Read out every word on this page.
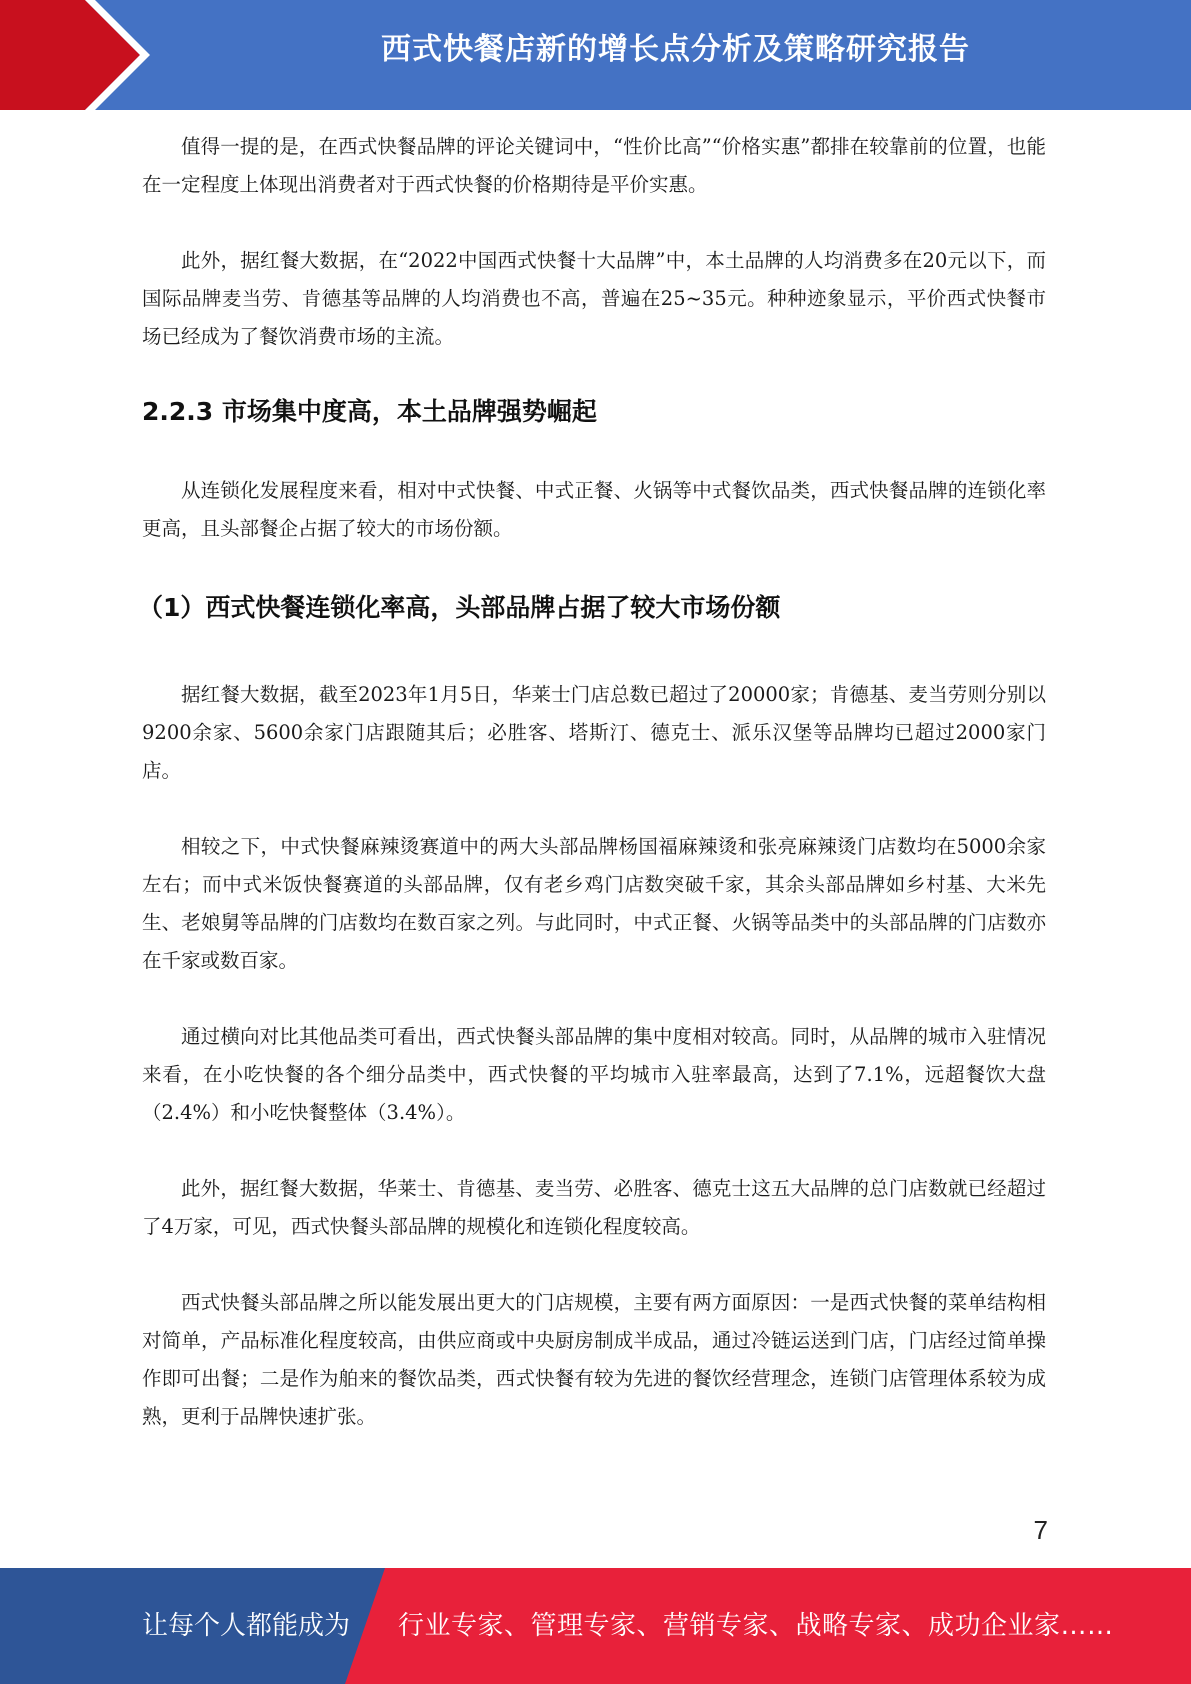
西式快餐店新的增长点分析及策略研究报告

值得一提的是，在西式快餐品牌的评论关键词中，“性价比高”“价格实惠”都排在较靠前的位置，也能在一定程度上体现出消费者对于西式快餐的价格期待是平价实惠。

此外，据红餐大数据，在“2022中国西式快餐十大品牌”中，本土品牌的人均消费多在20元以下，而国际品牌麦当劳、肯德基等品牌的人均消费也不高，普遍在25~35元。种种迹象显示，平价西式快餐市场已经成为了餐饮消费市场的主流。

2.2.3 市场集中度高，本土品牌强势崛起

从连锁化发展程度来看，相对中式快餐、中式正餐、火锅等中式餐饮品类，西式快餐品牌的连锁化率更高，且头部餐企占据了较大的市场份额。

（1）西式快餐连锁化率高，头部品牌占据了较大市场份额

据红餐大数据，截至2023年1月5日，华莱士门店总数已超过了20000家；肯德基、麦当劳则分别以9200余家、5600余家门店跟随其后；必胜客、塔斯汀、德克士、派乐汉堡等品牌均已超过2000家门店。

相较之下，中式快餐麻辣烫赛道中的两大头部品牌杨国福麻辣烫和张亮麻辣烫门店数均在5000余家左右；而中式米饭快餐赛道的头部品牌，仅有老乡鸡门店数突破千家，其余头部品牌如乡村基、大米先生、老娘舅等品牌的门店数均在数百家之列。与此同时，中式正餐、火锅等品类中的头部品牌的门店数亦在千家或数百家。

通过横向对比其他品类可看出，西式快餐头部品牌的集中度相对较高。同时，从品牌的城市入驻情况来看，在小吃快餐的各个细分品类中，西式快餐的平均城市入驻率最高，达到了7.1%，远超餐饮大盘（2.4%）和小吃快餐整体（3.4%）。

此外，据红餐大数据，华莱士、肯德基、麦当劳、必胜客、德克士这五大品牌的总门店数就已经超过了4万家，可见，西式快餐头部品牌的规模化和连锁化程度较高。

西式快餐头部品牌之所以能发展出更大的门店规模，主要有两方面原因：一是西式快餐的菜单结构相对简单，产品标准化程度较高，由供应商或中央厨房制成半成品，通过冷链运送到门店，门店经过简单操作即可出餐；二是作为舶来的餐饮品类，西式快餐有较为先进的餐饮经营理念，连锁门店管理体系较为成熟，更利于品牌快速扩张。

7
让每个人都能成为 行业专家、管理专家、营销专家、战略专家、成功企业家……
